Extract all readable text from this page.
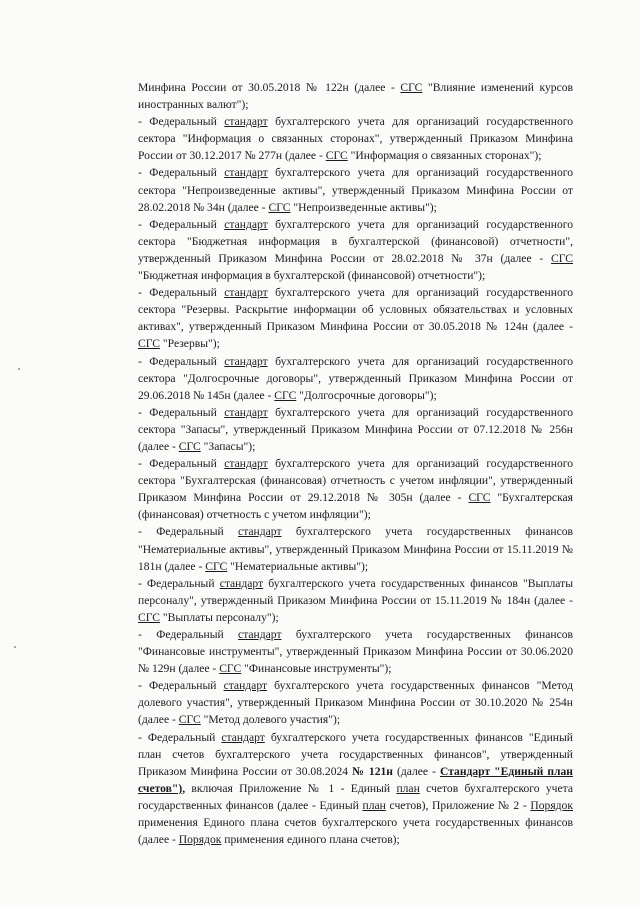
Минфина России от 30.05.2018 № 122н (далее - СГС "Влияние изменений курсов иностранных валют");

- Федеральный стандарт бухгалтерского учета для организаций государственного сектора "Информация о связанных сторонах", утвержденный Приказом Минфина России от 30.12.2017 № 277н (далее - СГС "Информация о связанных сторонах");

- Федеральный стандарт бухгалтерского учета для организаций государственного сектора "Непроизведенные активы", утвержденный Приказом Минфина России от 28.02.2018 № 34н (далее - СГС "Непроизведенные активы");

- Федеральный стандарт бухгалтерского учета для организаций государственного сектора "Бюджетная информация в бухгалтерской (финансовой) отчетности", утвержденный Приказом Минфина России от 28.02.2018 № 37н (далее - СГС "Бюджетная информация в бухгалтерской (финансовой) отчетности");

- Федеральный стандарт бухгалтерского учета для организаций государственного сектора "Резервы. Раскрытие информации об условных обязательствах и условных активах", утвержденный Приказом Минфина России от 30.05.2018 № 124н (далее - СГС "Резервы");

- Федеральный стандарт бухгалтерского учета для организаций государственного сектора "Долгосрочные договоры", утвержденный Приказом Минфина России от 29.06.2018 № 145н (далее - СГС "Долгосрочные договоры");

- Федеральный стандарт бухгалтерского учета для организаций государственного сектора "Запасы", утвержденный Приказом Минфина России от 07.12.2018 № 256н (далее - СГС "Запасы");

- Федеральный стандарт бухгалтерского учета для организаций государственного сектора "Бухгалтерская (финансовая) отчетность с учетом инфляции", утвержденный Приказом Минфина России от 29.12.2018 № 305н (далее - СГС "Бухгалтерская (финансовая) отчетность с учетом инфляции");

- Федеральный стандарт бухгалтерского учета государственных финансов "Нематериальные активы", утвержденный Приказом Минфина России от 15.11.2019 № 181н (далее - СГС "Нематериальные активы");

- Федеральный стандарт бухгалтерского учета государственных финансов "Выплаты персоналу", утвержденный Приказом Минфина России от 15.11.2019 № 184н (далее - СГС "Выплаты персоналу");

- Федеральный стандарт бухгалтерского учета государственных финансов "Финансовые инструменты", утвержденный Приказом Минфина России от 30.06.2020 № 129н (далее - СГС "Финансовые инструменты");

- Федеральный стандарт бухгалтерского учета государственных финансов "Метод долевого участия", утвержденный Приказом Минфина России от 30.10.2020 № 254н (далее - СГС "Метод долевого участия");

- Федеральный стандарт бухгалтерского учета государственных финансов "Единый план счетов бухгалтерского учета государственных финансов", утвержденный Приказом Минфина России от 30.08.2024 № 121н (далее - Стандарт "Единый план счетов"), включая Приложение № 1 - Единый план счетов бухгалтерского учета государственных финансов (далее - Единый план счетов), Приложение № 2 - Порядок применения Единого плана счетов бухгалтерского учета государственных финансов (далее - Порядок применения единого плана счетов);
